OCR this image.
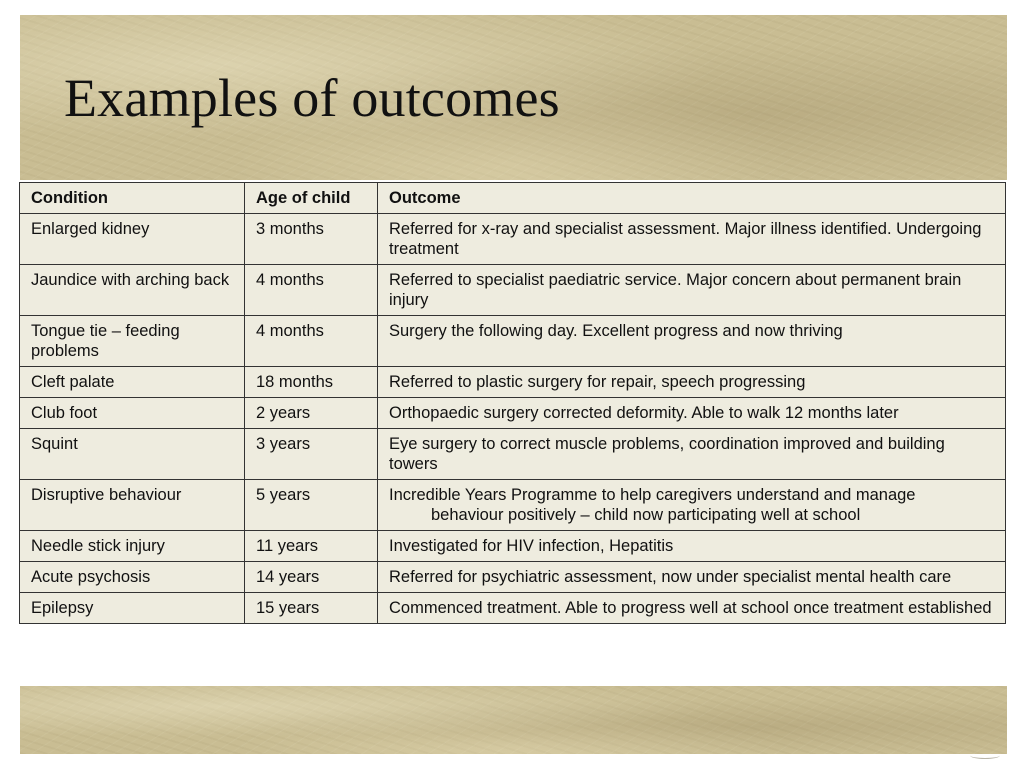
Examples of outcomes
Condition	Age of child	Outcome
Enlarged kidney	3 months	Referred for x-ray and specialist assessment. Major illness identified. Undergoing treatment
Jaundice with arching back	4 months	Referred to specialist paediatric service. Major concern about permanent brain injury
Tongue tie – feeding problems	4 months	Surgery the following day. Excellent progress and now thriving
Cleft palate	18 months	Referred to plastic surgery for repair, speech progressing
Club foot	2 years	Orthopaedic surgery corrected deformity. Able to walk 12 months later
Squint	3 years	Eye surgery to correct muscle problems, coordination improved and building towers
Disruptive behaviour	5 years	Incredible Years Programme to help caregivers understand and manage
behaviour positively – child now participating well at school

Needle stick injury	11 years	Investigated for HIV infection, Hepatitis
Acute psychosis	14 years	Referred for psychiatric assessment, now under specialist mental health care
Epilepsy	15 years	Commenced treatment. Able to progress well at school once treatment established
